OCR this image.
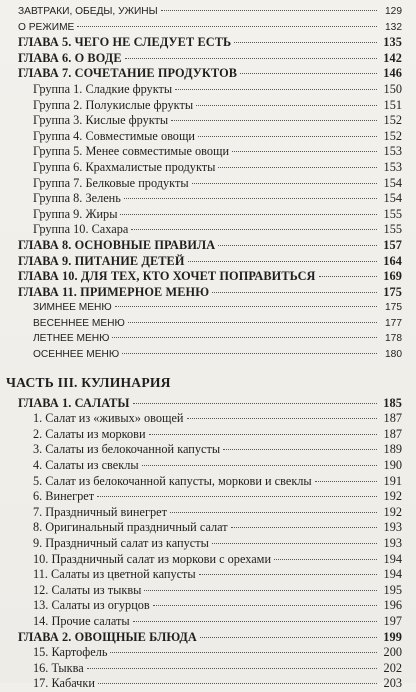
ЗАВТРАКИ, ОБЕДЫ, УЖИНЫ	129
О РЕЖИМЕ	132
ГЛАВА 5. ЧЕГО НЕ СЛЕДУЕТ ЕСТЬ	135
ГЛАВА 6. О ВОДЕ	142
ГЛАВА 7. СОЧЕТАНИЕ ПРОДУКТОВ	146
Группа 1. Сладкие фрукты	150
Группа 2. Полукислые фрукты	151
Группа 3. Кислые фрукты	152
Группа 4. Совместимые овощи	152
Группа 5. Менее совместимые овощи	153
Группа 6. Крахмалистые продукты	153
Группа 7. Белковые продукты	154
Группа 8. Зелень	154
Группа 9. Жиры	155
Группа 10. Сахара	155
ГЛАВА 8. ОСНОВНЫЕ ПРАВИЛА	157
ГЛАВА 9. ПИТАНИЕ ДЕТЕЙ	164
ГЛАВА 10. ДЛЯ ТЕХ, КТО ХОЧЕТ ПОПРАВИТЬСЯ	169
ГЛАВА 11. ПРИМЕРНОЕ МЕНЮ	175
ЗИМНЕЕ МЕНЮ	175
ВЕСЕННЕЕ МЕНЮ	177
ЛЕТНЕЕ МЕНЮ	178
ОСЕННЕЕ МЕНЮ	180
ЧАСТЬ III. КУЛИНАРИЯ
ГЛАВА 1. САЛАТЫ	185
1. Салат из «живых» овощей	187
2. Салаты из моркови	187
3. Салаты из белокочанной капусты	189
4. Салаты из свеклы	190
5. Салат из белокочанной капусты, моркови и свеклы	191
6. Винегрет	192
7. Праздничный винегрет	192
8. Оригинальный праздничный салат	193
9. Праздничный салат из капусты	193
10. Праздничный салат из моркови с орехами	194
11. Салаты из цветной капусты	194
12. Салаты из тыквы	195
13. Салаты из огурцов	196
14. Прочие салаты	197
ГЛАВА 2. ОВОЩНЫЕ БЛЮДА	199
15. Картофель	200
16. Тыква	202
17. Кабачки	203
